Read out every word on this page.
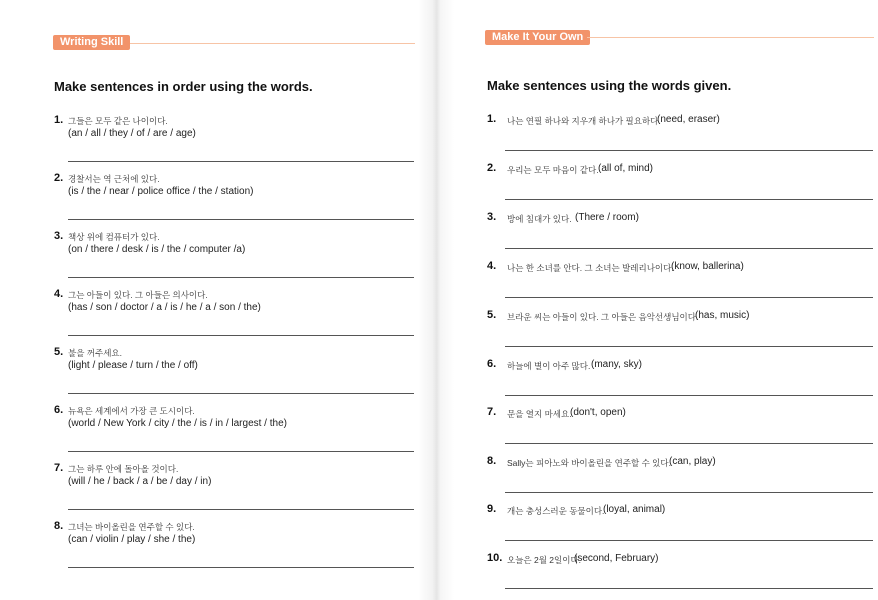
Writing Skill
Make sentences in order using the words.
1. 그들은 모두 같은 나이이다.
(an / all / they / of / are / age)
2. 경찰서는 역 근처에 있다.
(is / the / near / police office / the / station)
3. 책상 위에 컴퓨터가 있다.
(on / there / desk / is / the / computer /a)
4. 그는 아들이 있다. 그 아들은 의사이다.
(has / son / doctor / a / is / he / a / son / the)
5. 불을 꺼주세요.
(light / please / turn / the / off)
6. 뉴욕은 세계에서 가장 큰 도시이다.
(world / New York / city / the / is / in / largest / the)
7. 그는 하루 안에 돌아올 것이다.
(will / he / back / a / be / day / in)
8. 그녀는 바이올린을 연주할 수 있다.
(can / violin / play / she / the)
Make It Your Own
Make sentences using the words given.
1. 나는 연필 하나와 지우개 하나가 필요하다.
(need, eraser)
2. 우리는 모두 마음이 같다. (all of, mind)
3. 방에 침대가 있다. (There / room)
4. 나는 한 소녀를 안다. 그 소녀는 발레리나이다.
(know, ballerina)
5. 브라운 씨는 아들이 있다. 그 아들은 음악선생님이다.
(has, music)
6. 하늘에 별이 아주 많다. (many, sky)
7. 문을 열지 마세요.
(don't, open)
8. Sally는 피아노와 바이올린을 연주할 수 있다.
(can, play)
9. 개는 충성스러운 동물이다.
(loyal, animal)
10. 오늘은 2월 2일이다.
(second, February)
